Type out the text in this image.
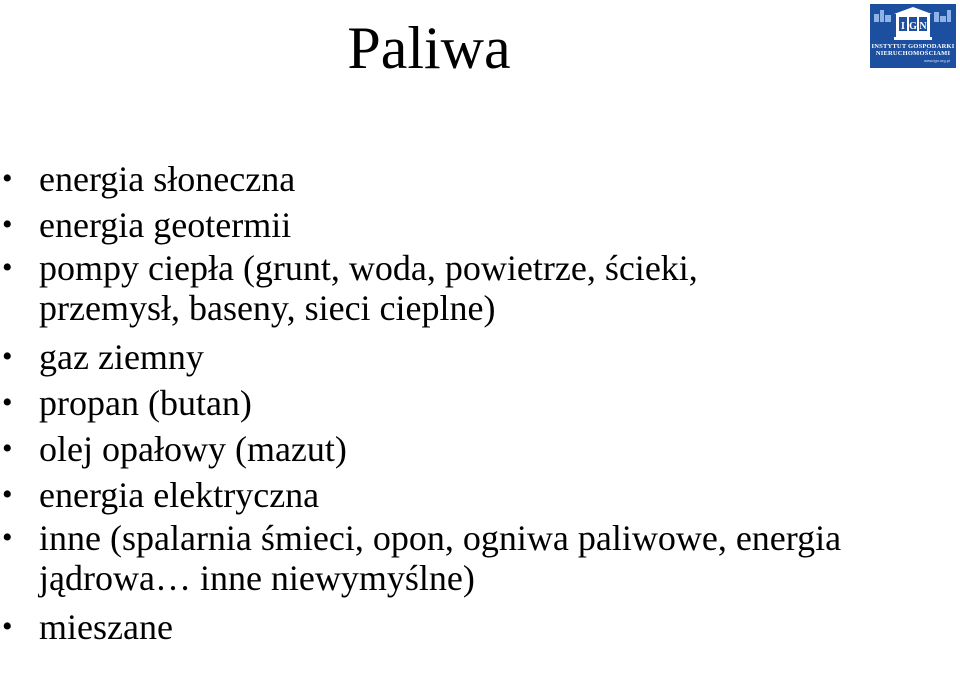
Paliwa	I G N
INSTYTUT GOSPODARKI
NIERUCHOMOŚCIAMI
www.ign.org.pl
• energia słoneczna
• energia geotermii
• pompy ciepła (grunt, woda, powietrze, ścieki, przemysł, baseny, sieci cieplne)
• gaz ziemny
• propan (butan)
• olej opałowy (mazut)
• energia elektryczna
• inne (spalarnia śmieci, opon, ogniwa paliwowe, energia jądrowa… inne niewymyślne)
• mieszane
